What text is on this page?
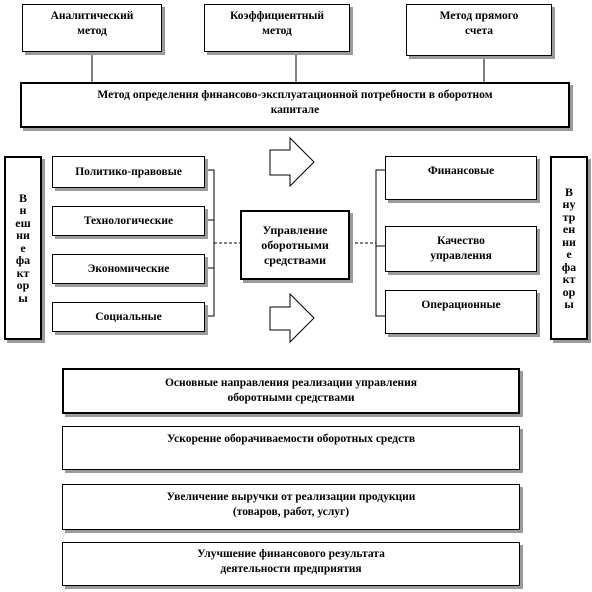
Аналитический
метод
Коэффициентный
метод
Метод прямого
счета
Метод определения финансово-эксплуатационной потребности в оборотном
капитале
В
н
еш
ни
е
фа
кт
ор
ы
В
ну
тр
ен
ни
е
фа
кт
ор
ы
Политико-правовые
Технологические
Экономические
Социальные
Управление
оборотными
средствами
Финансовые
Качество
управления
Операционные
Основные направления реализации управления
оборотными средствами
Ускорение оборачиваемости оборотных средств
Увеличение выручки от реализации продукции
(товаров, работ, услуг)
Улучшение финансового результата
деятельности предприятия
